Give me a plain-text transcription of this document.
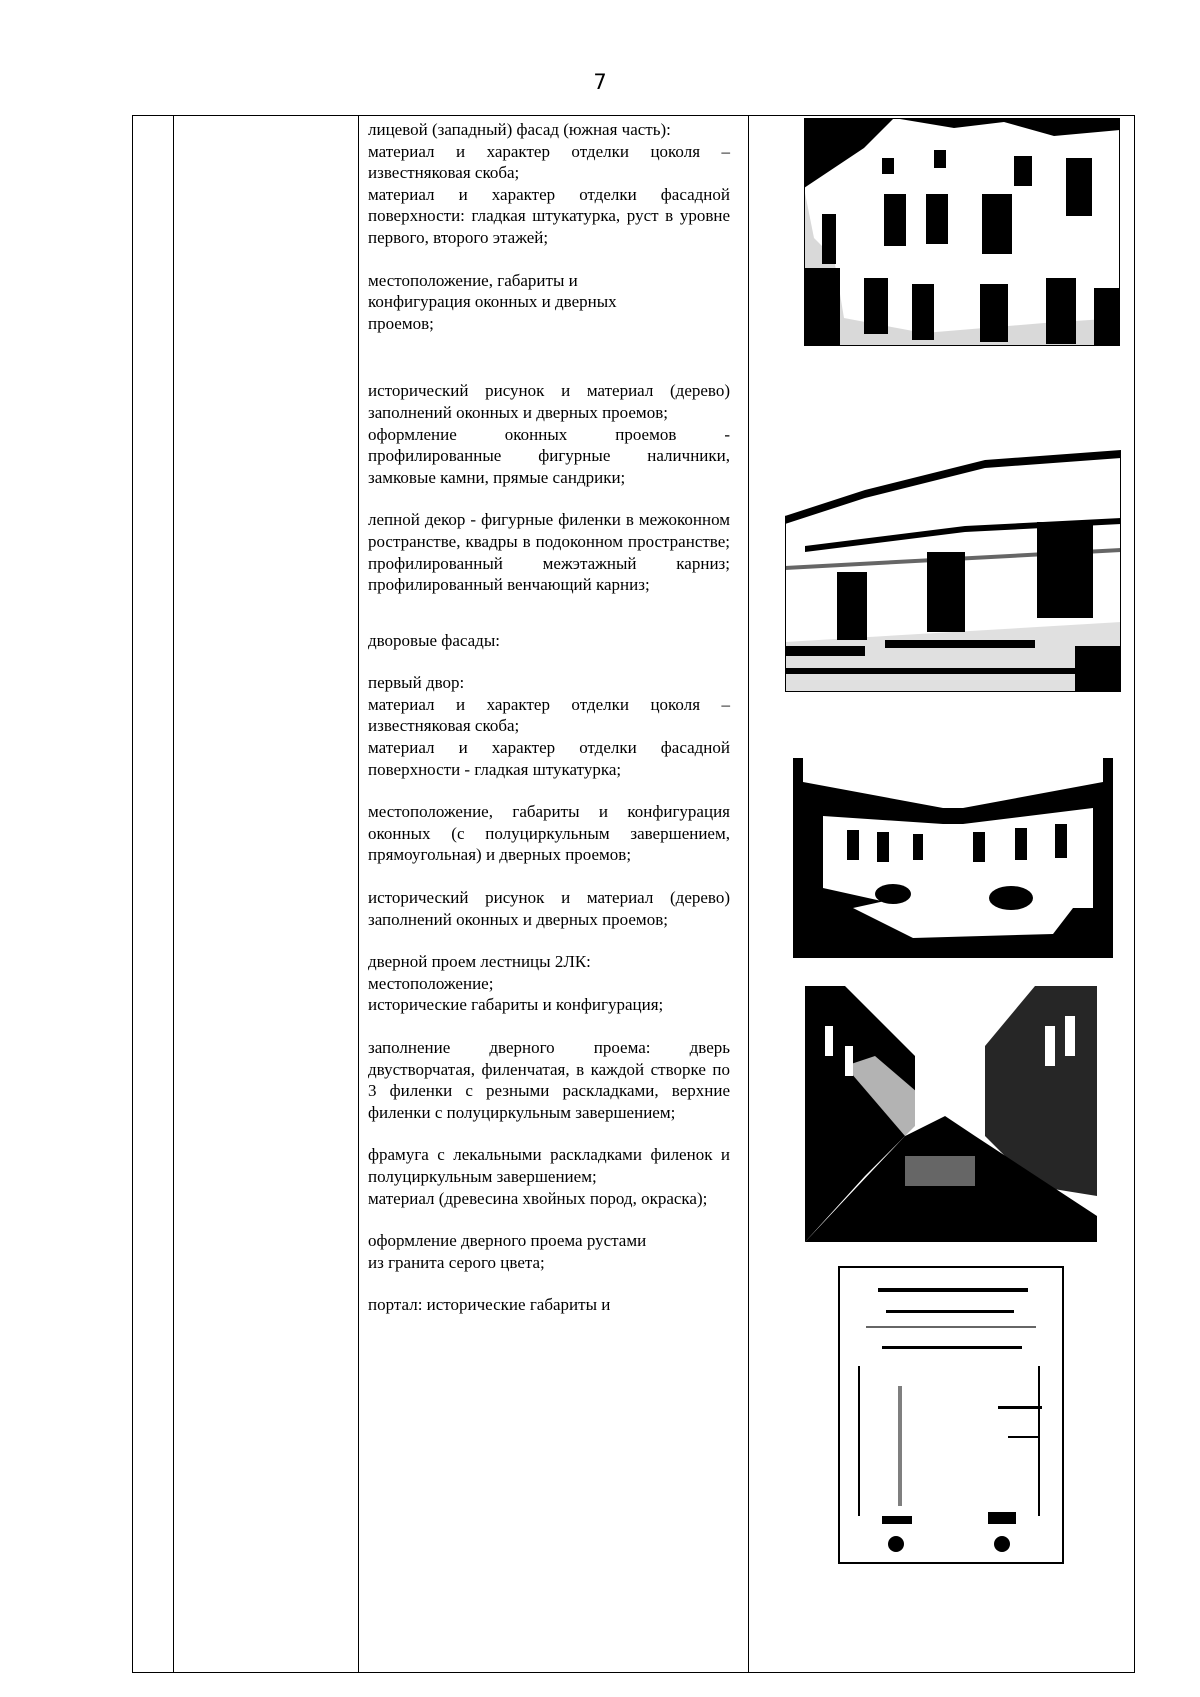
7

лицевой (западный) фасад (южная часть):

материал и характер отделки цоколя – известняковая скоба;

материал и характер отделки фасадной поверхности: гладкая штукатурка, руст в уровне первого, второго этажей;

местоположение, габариты и конфигурация оконных и дверных проемов;

исторический рисунок и материал (дерево) заполнений оконных и дверных проемов;

оформление оконных проемов - профилированные фигурные наличники, замковые камни, прямые сандрики;

лепной декор - фигурные филенки в межоконном ространстве, квадры в подоконном пространстве; профилированный межэтажный карниз; профилированный венчающий карниз;

дворовые фасады:

первый двор:

материал и характер отделки цоколя – известняковая скоба;

материал и характер отделки фасадной поверхности - гладкая штукатурка;

местоположение, габариты и конфигурация оконных (с полуциркульным завершением, прямоугольная) и дверных проемов;

исторический рисунок и материал (дерево) заполнений оконных и дверных проемов;

дверной проем лестницы 2ЛК:

местоположение;

исторические габариты и конфигурация;

заполнение дверного проема: дверь двустворчатая, филенчатая, в каждой створке по 3 филенки с резными раскладками, верхние филенки с полуциркульным завершением;

фрамуга с лекальными раскладками филенок и полуциркульным завершением;

материал (древесина хвойных пород, окраска);

оформление дверного проема рустами из гранита серого цвета;

портал: исторические габариты и
